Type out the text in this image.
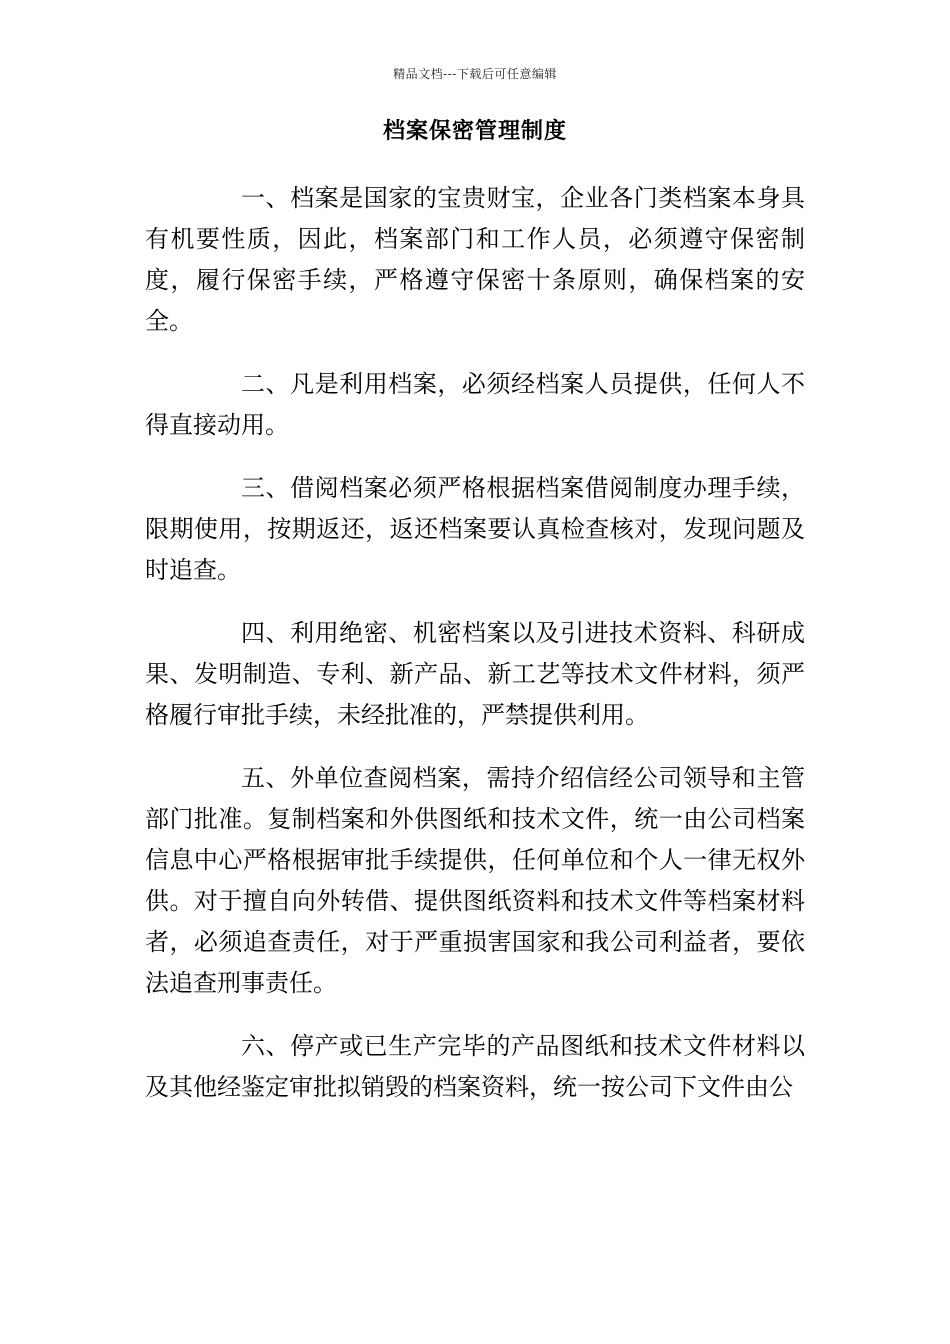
精品文档---下载后可任意编辑
档案保密管理制度

一、档案是国家的宝贵财宝，企业各门类档案本身具有机要性质，因此，档案部门和工作人员，必须遵守保密制度，履行保密手续，严格遵守保密十条原则，确保档案的安全。

二、凡是利用档案，必须经档案人员提供，任何人不得直接动用。

三、借阅档案必须严格根据档案借阅制度办理手续，限期使用，按期返还，返还档案要认真检查核对，发现问题及时追查。

四、利用绝密、机密档案以及引进技术资料、科研成果、发明制造、专利、新产品、新工艺等技术文件材料，须严格履行审批手续，未经批准的，严禁提供利用。

五、外单位查阅档案，需持介绍信经公司领导和主管部门批准。复制档案和外供图纸和技术文件，统一由公司档案信息中心严格根据审批手续提供，任何单位和个人一律无权外供。对于擅自向外转借、提供图纸资料和技术文件等档案材料者，必须追查责任，对于严重损害国家和我公司利益者，要依法追查刑事责任。

六、停产或已生产完毕的产品图纸和技术文件材料以及其他经鉴定审批拟销毁的档案资料，统一按公司下文件由公
